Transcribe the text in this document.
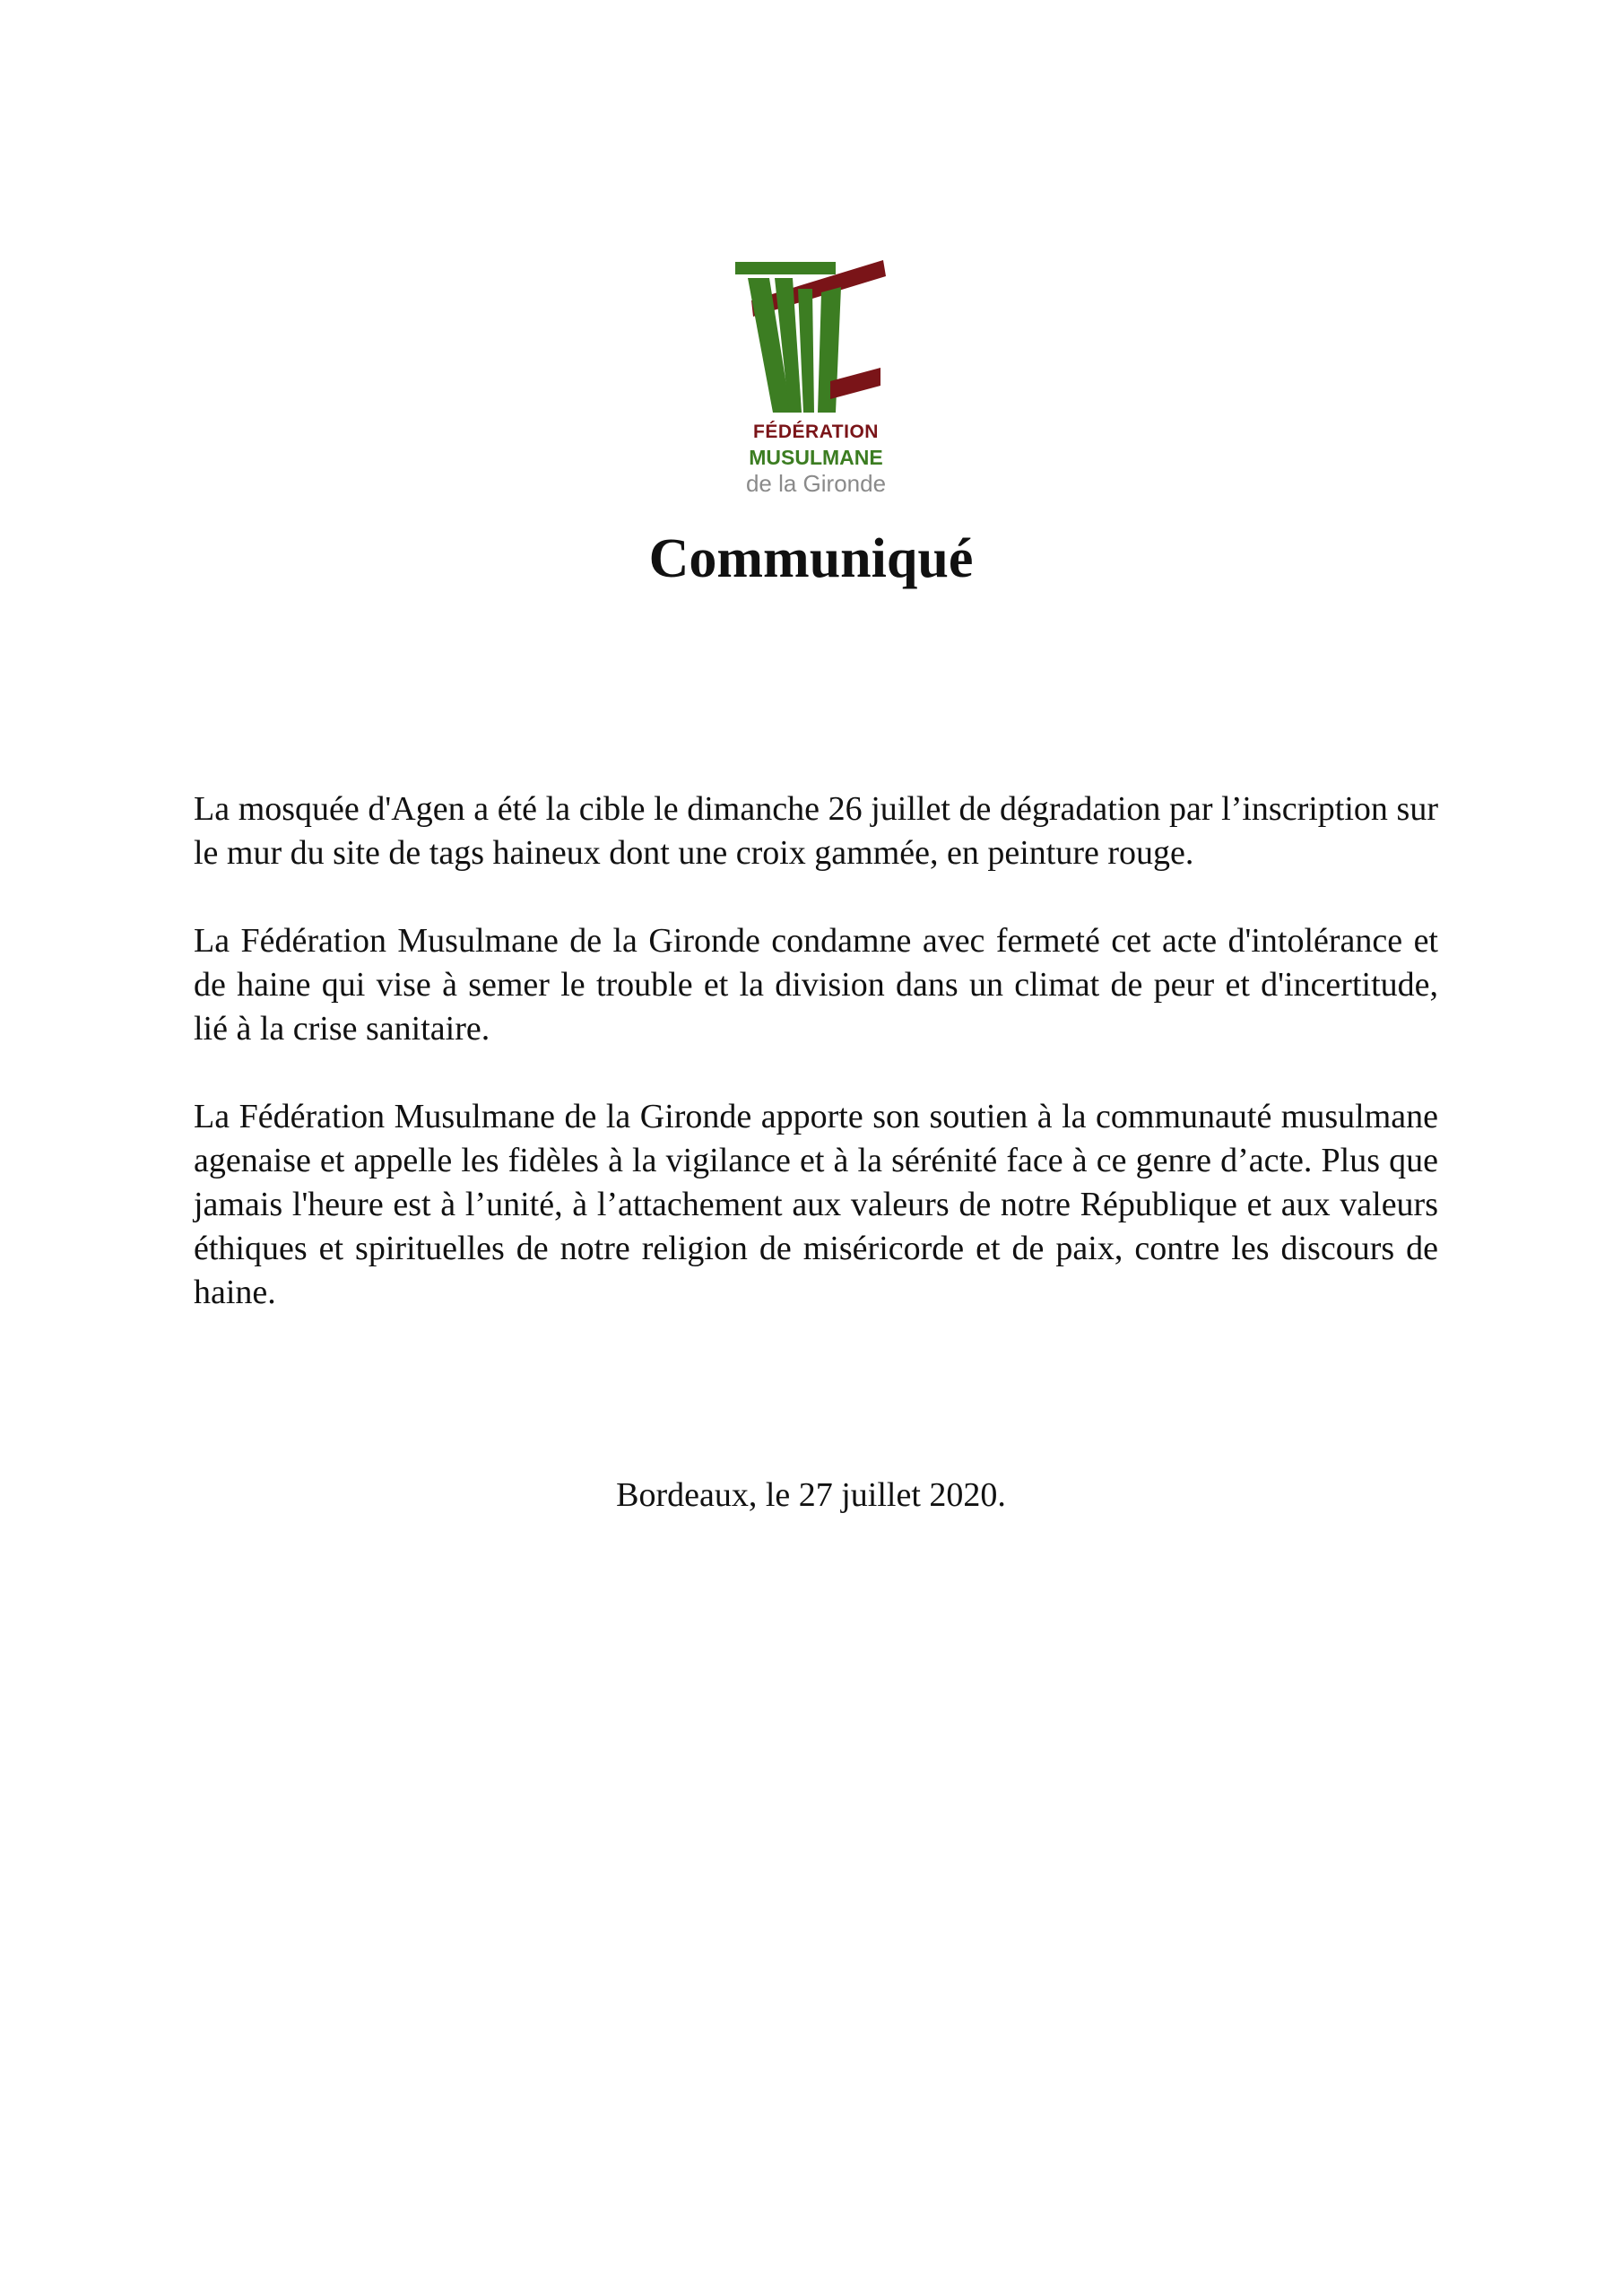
FÉDÉRATION
MUSULMANE
de la Gironde
Communiqué

La mosquée d'Agen a été la cible le dimanche 26 juillet de dégradation par l’inscription sur le mur du site de tags haineux dont une croix gammée, en peinture rouge.

La Fédération Musulmane de la Gironde condamne avec fermeté cet acte d'intolérance et de haine qui vise à semer le trouble et la division dans un climat de peur et d'incertitude, lié à la crise sanitaire.

La Fédération Musulmane de la Gironde apporte son soutien à la communauté musulmane agenaise et appelle les fidèles à la vigilance et à la sérénité face à ce genre d’acte. Plus que jamais l'heure est à l’unité, à l’attachement aux valeurs de notre République et aux valeurs éthiques et spirituelles de notre religion de miséricorde et de paix, contre les discours de haine.

Bordeaux, le 27 juillet 2020.
